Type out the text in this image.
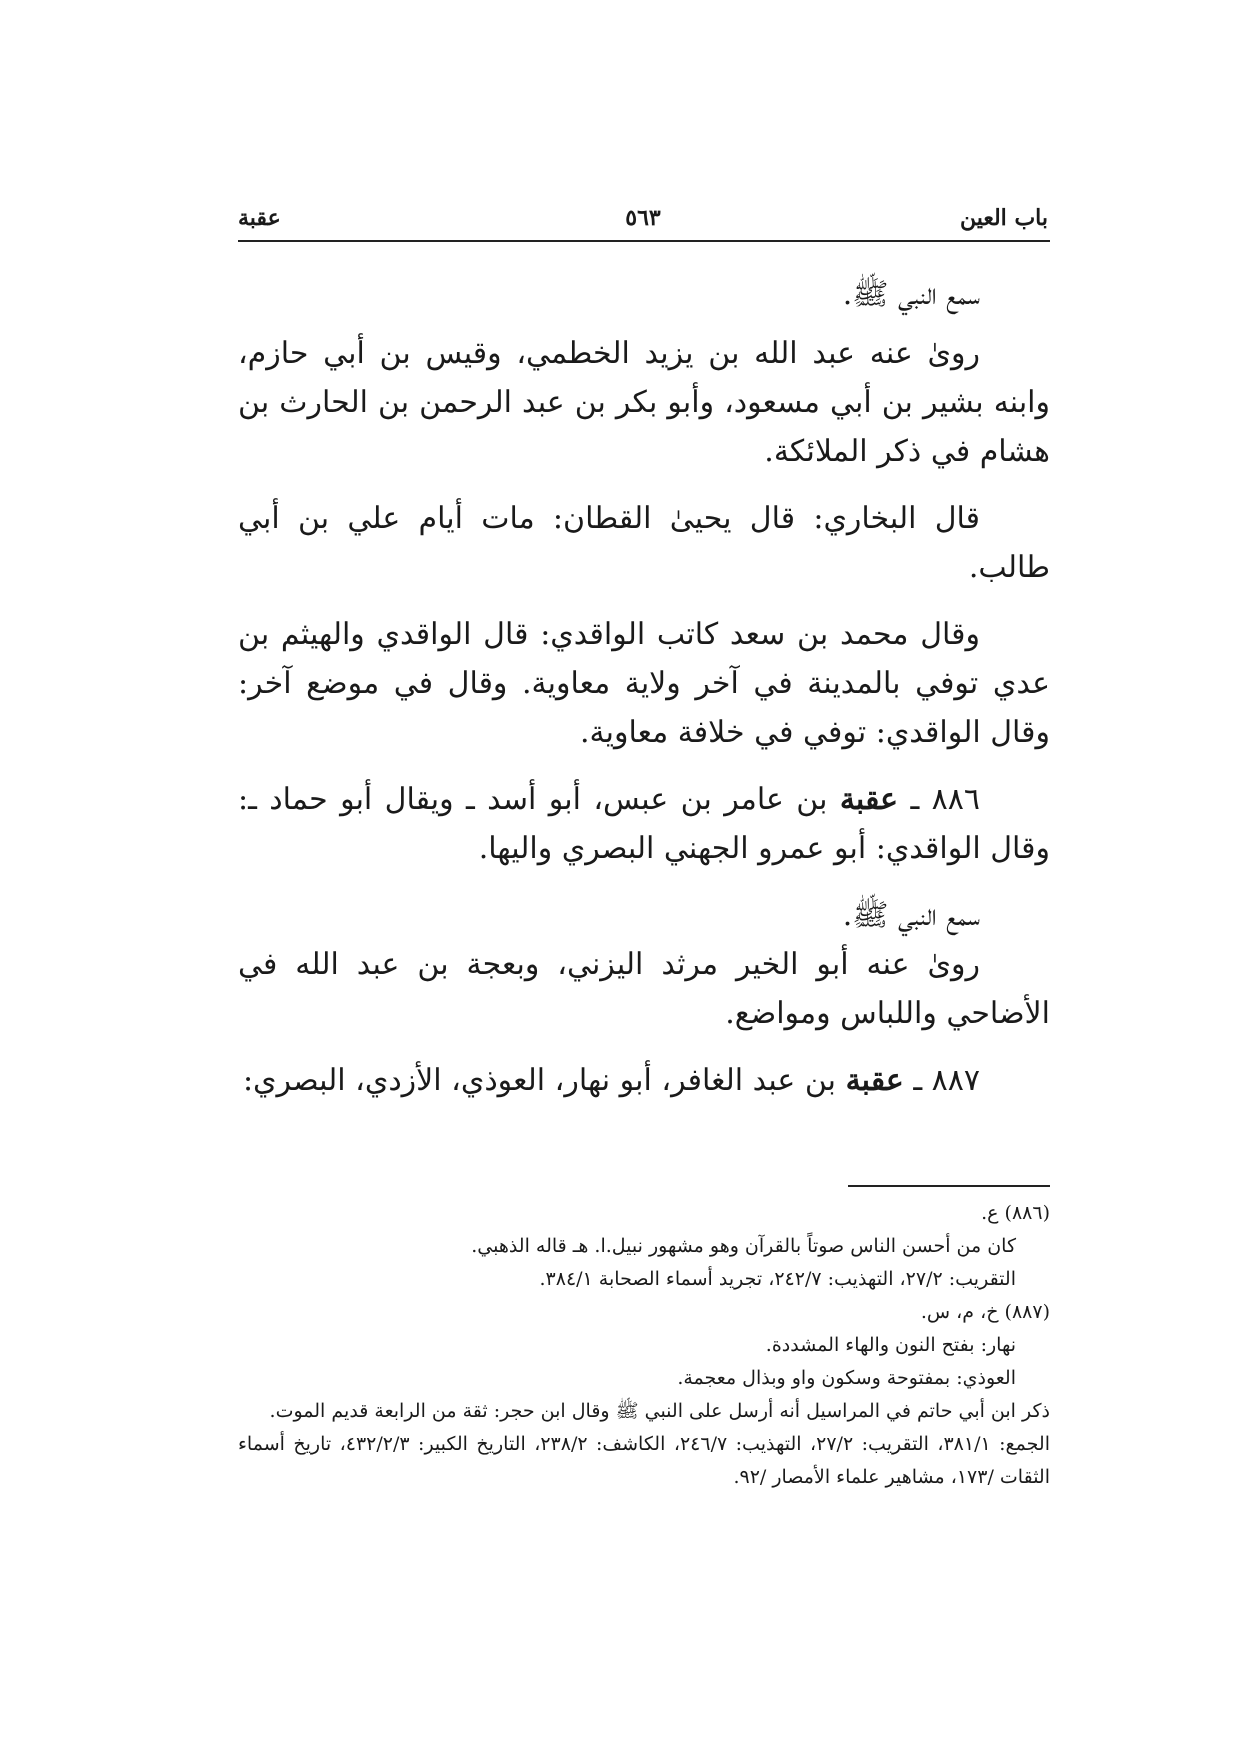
باب العين
٥٦٣
عقبة

سمع النبي ﷺ.

روىٰ عنه عبد الله بن يزيد الخطمي، وقيس بن أبي حازم، وابنه بشير بن أبي مسعود، وأبو بكر بن عبد الرحمن بن الحارث بن هشام في ذكر الملائكة.

قال البخاري: قال يحيىٰ القطان: مات أيام علي بن أبي طالب.

وقال محمد بن سعد كاتب الواقدي: قال الواقدي والهيثم بن عدي توفي بالمدينة في آخر ولاية معاوية. وقال في موضع آخر: وقال الواقدي: توفي في خلافة معاوية.

٨٨٦ ـ عقبة بن عامر بن عبس، أبو أسد ـ ويقال أبو حماد ـ: وقال الواقدي: أبو عمرو الجهني البصري واليها.

سمع النبي ﷺ.

روىٰ عنه أبو الخير مرثد اليزني، وبعجة بن عبد الله في الأضاحي واللباس ومواضع.

٨٨٧ ـ عقبة بن عبد الغافر، أبو نهار، العوذي، الأزدي، البصري:

(٨٨٦) ع.

كان من أحسن الناس صوتاً بالقرآن وهو مشهور نبيل.ا. هـ قاله الذهبي.

التقريب: ٢٧/٢، التهذيب: ٢٤٢/٧، تجريد أسماء الصحابة ٣٨٤/١.

(٨٨٧) خ، م، س.

نهار: بفتح النون والهاء المشددة.

العوذي: بمفتوحة وسكون واو وبذال معجمة.

ذكر ابن أبي حاتم في المراسيل أنه أرسل على النبي ﷺ وقال ابن حجر: ثقة من الرابعة قديم الموت.

الجمع: ٣٨١/١، التقريب: ٢٧/٢، التهذيب: ٢٤٦/٧، الكاشف: ٢٣٨/٢، التاريخ الكبير: ٤٣٢/٢/٣، تاريخ أسماء الثقات /١٧٣، مشاهير علماء الأمصار /٩٢.
